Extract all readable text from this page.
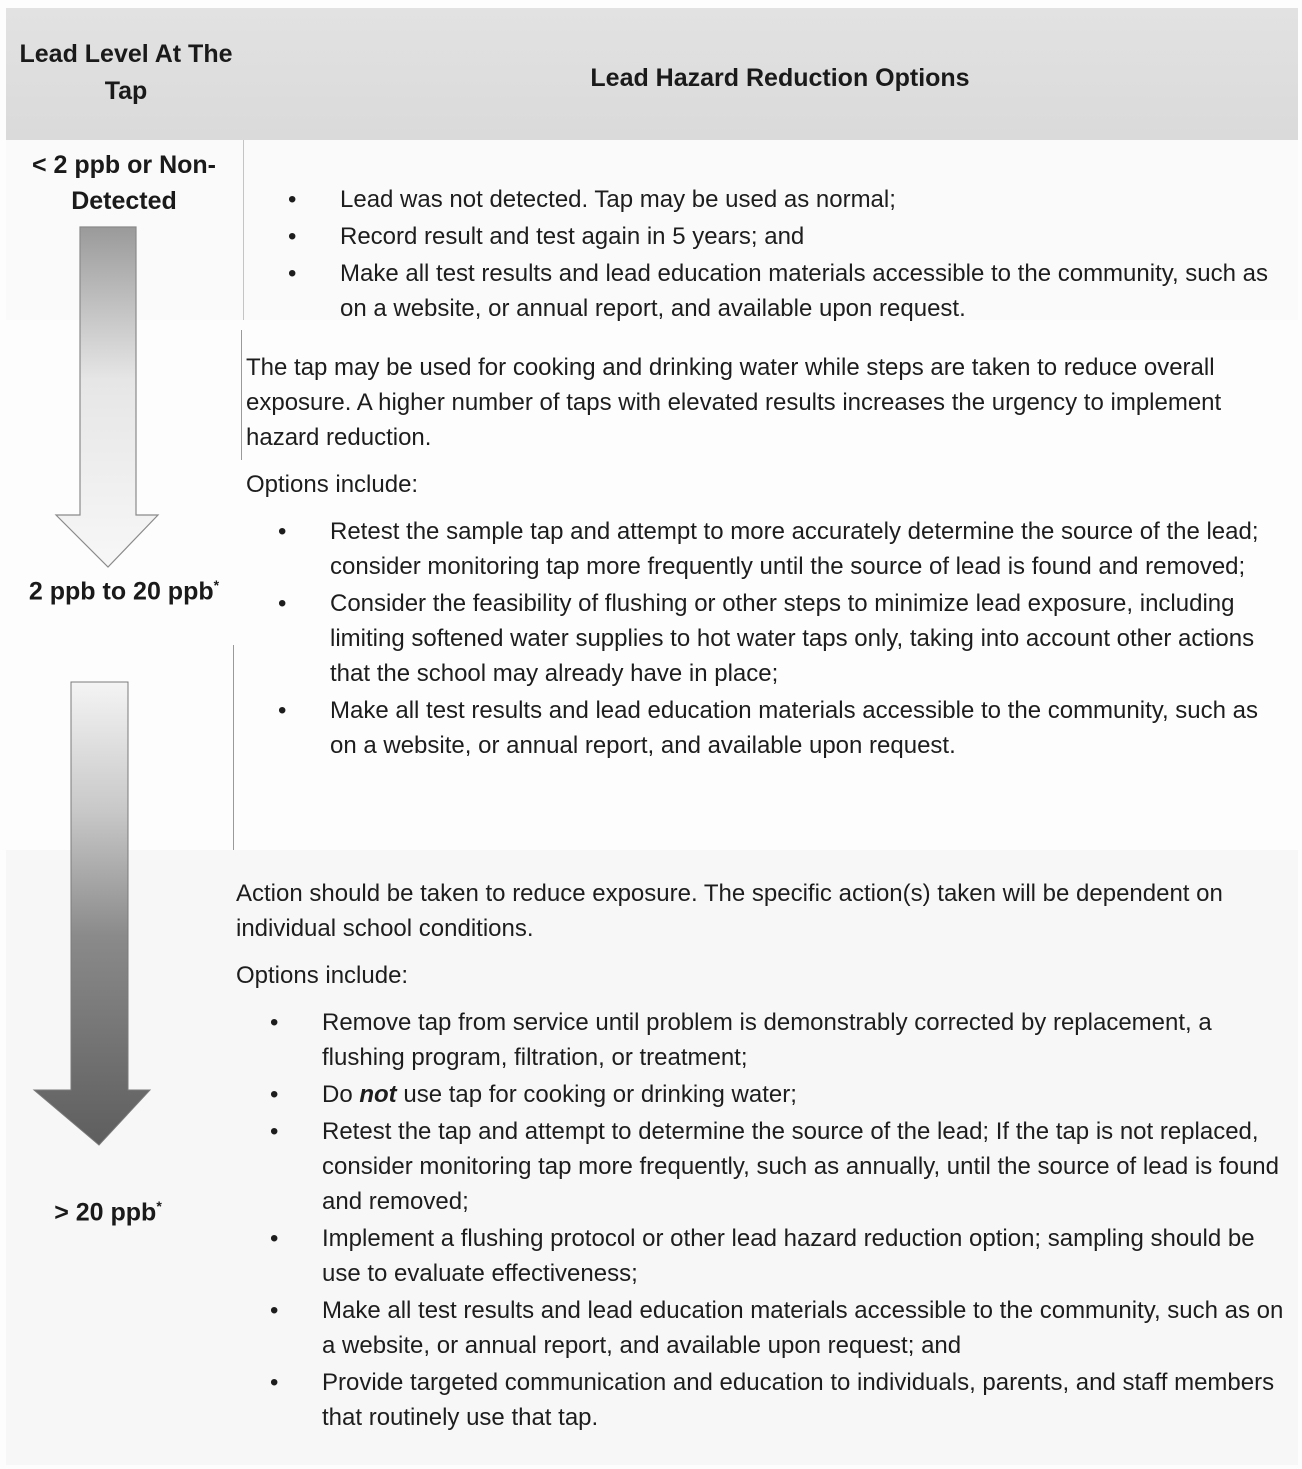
Lead Level At The Tap	Lead Hazard Reduction Options
< 2 ppb or Non-Detected
2 ppb to 20 ppb*
> 20 ppb*
• Lead was not detected. Tap may be used as normal;
• Record result and test again in 5 years; and
• Make all test results and lead education materials accessible to the community, such as on a website, or annual report, and available upon request.

The tap may be used for cooking and drinking water while steps are taken to reduce overall exposure. A higher number of taps with elevated results increases the urgency to implement hazard reduction.

Options include:

• Retest the sample tap and attempt to more accurately determine the source of the lead; consider monitoring tap more frequently until the source of lead is found and removed;
• Consider the feasibility of flushing or other steps to minimize lead exposure, including limiting softened water supplies to hot water taps only, taking into account other actions that the school may already have in place;
• Make all test results and lead education materials accessible to the community, such as on a website, or annual report, and available upon request.

Action should be taken to reduce exposure. The specific action(s) taken will be dependent on individual school conditions.

Options include:

• Remove tap from service until problem is demonstrably corrected by replacement, a flushing program, filtration, or treatment;
• Do not use tap for cooking or drinking water;
• Retest the tap and attempt to determine the source of the lead; If the tap is not replaced, consider monitoring tap more frequently, such as annually, until the source of lead is found and removed;
• Implement a flushing protocol or other lead hazard reduction option; sampling should be use to evaluate effectiveness;
• Make all test results and lead education materials accessible to the community, such as on a website, or annual report, and available upon request; and
• Provide targeted communication and education to individuals, parents, and staff members that routinely use that tap.
